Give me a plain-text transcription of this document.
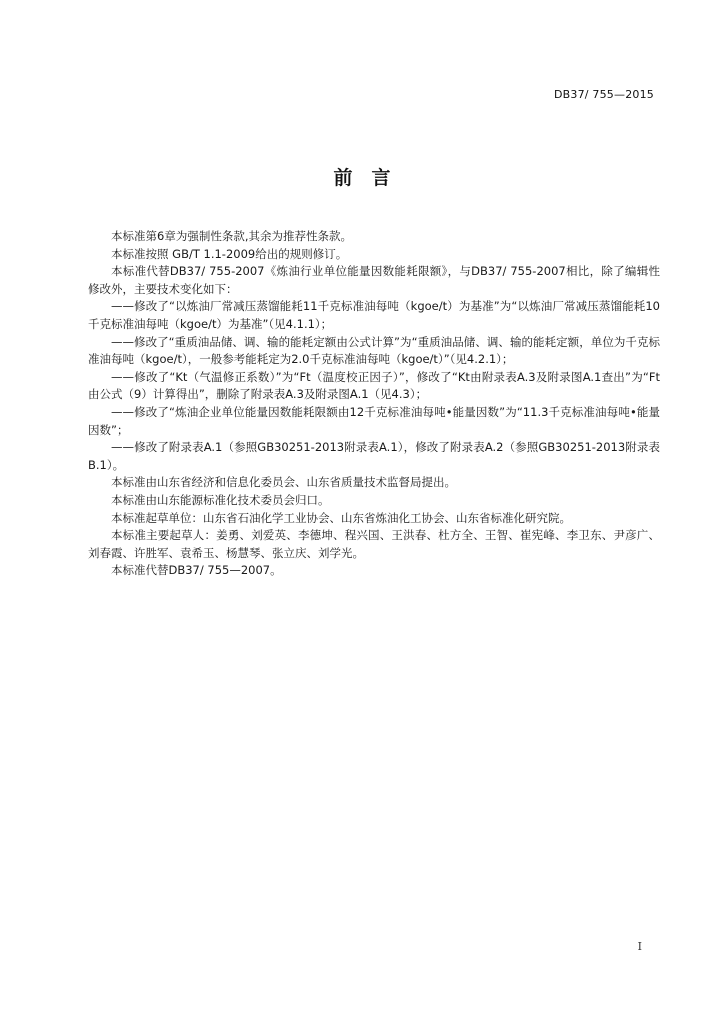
DB37/ 755—2015
前　言

本标准第6章为强制性条款,其余为推荐性条款。

本标准按照 GB/T 1.1-2009给出的规则修订。

本标准代替DB37/ 755-2007《炼油行业单位能量因数能耗限额》，与DB37/ 755-2007相比，除了编辑性修改外，主要技术变化如下：

——修改了“以炼油厂常减压蒸馏能耗11千克标准油每吨（kgoe/t）为基准”为“以炼油厂常减压蒸馏能耗10千克标准油每吨（kgoe/t）为基准”（见4.1.1）；

——修改了“重质油品储、调、输的能耗定额由公式计算”为“重质油品储、调、输的能耗定额，单位为千克标准油每吨（kgoe/t），一般参考能耗定为2.0千克标准油每吨（kgoe/t）”（见4.2.1）；

——修改了“Kt（气温修正系数）”为“Ft（温度校正因子）”，修改了“Kt由附录表A.3及附录图A.1查出”为“Ft由公式（9）计算得出”，删除了附录表A.3及附录图A.1（见4.3）；

——修改了“炼油企业单位能量因数能耗限额由12千克标准油每吨•能量因数”为“11.3千克标准油每吨•能量因数”；

——修改了附录表A.1（参照GB30251-2013附录表A.1），修改了附录表A.2（参照GB30251-2013附录表B.1）。

本标准由山东省经济和信息化委员会、山东省质量技术监督局提出。

本标准由山东能源标准化技术委员会归口。

本标准起草单位：山东省石油化学工业协会、山东省炼油化工协会、山东省标准化研究院。

本标准主要起草人：姜勇、刘爱英、李德坤、程兴国、王洪春、杜方全、王智、崔宪峰、李卫东、尹彦广、刘春霞、许胜军、袁希玉、杨慧琴、张立庆、刘学光。

本标准代替DB37/ 755—2007。

I
